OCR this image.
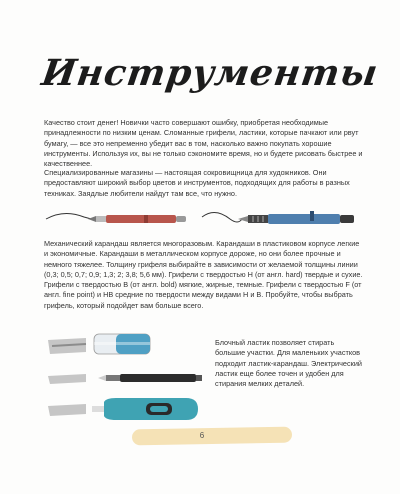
Инструменты

Качество стоит денег! Новички часто совершают ошибку, приобретая необходимые принадлежности по низким ценам. Сломанные грифели, ластики, которые пачкают или рвут бумагу, — все это непременно убедит вас в том, насколько важно покупать хорошие инструменты. Используя их, вы не только сэкономите время, но и будете рисовать быстрее и качественнее.

Специализированные магазины — настоящая сокровищница для художников. Они предоставляют широкий выбор цветов и инструментов, подходящих для работы в разных техниках. Заядлые любители найдут там все, что нужно.

Механический карандаш является многоразовым. Карандаши в пластиковом корпусе легкие и экономичные. Карандаши в металлическом корпусе дороже, но они более прочные и немного тяжелее. Толщину грифеля выбирайте в зависимости от желаемой толщины линии (0,3; 0,5; 0,7; 0,9; 1,3; 2; 3,8; 5,6 мм). Грифели с твердостью H (от англ. hard) твердые и сухие. Грифели с твердостью B (от англ. bold) мягкие, жирные, темные. Грифели с твердостью F (от англ. fine point) и HB средние по твердости между видами H и B. Пробуйте, чтобы выбрать грифель, который подойдет вам больше всего.

Блочный ластик позволяет стирать большие участки. Для маленьких участков подходит ластик-карандаш. Электрический ластик еще более точен и удобен для стирания мелких деталей.

6
